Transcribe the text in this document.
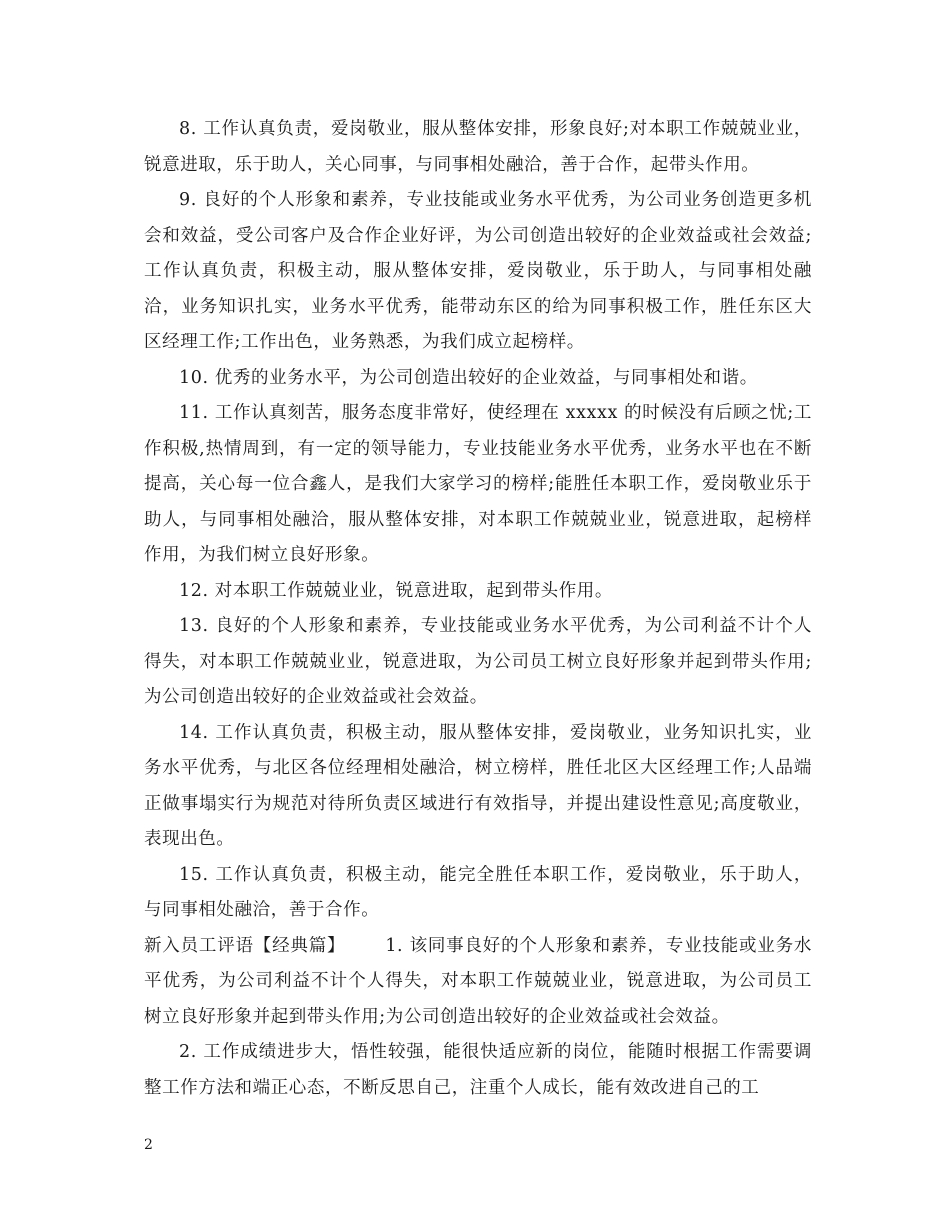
8. 工作认真负责，爱岗敬业，服从整体安排，形象良好;对本职工作兢兢业业，锐意进取，乐于助人，关心同事，与同事相处融洽，善于合作，起带头作用。

9. 良好的个人形象和素养，专业技能或业务水平优秀，为公司业务创造更多机会和效益，受公司客户及合作企业好评，为公司创造出较好的企业效益或社会效益;工作认真负责，积极主动，服从整体安排，爱岗敬业，乐于助人，与同事相处融洽，业务知识扎实，业务水平优秀，能带动东区的给为同事积极工作，胜任东区大区经理工作;工作出色，业务熟悉，为我们成立起榜样。

10. 优秀的业务水平，为公司创造出较好的企业效益，与同事相处和谐。

11. 工作认真刻苦，服务态度非常好，使经理在 xxxxx 的时候没有后顾之忧;工作积极,热情周到，有一定的领导能力，专业技能业务水平优秀，业务水平也在不断提高，关心每一位合鑫人，是我们大家学习的榜样;能胜任本职工作，爱岗敬业乐于助人，与同事相处融洽，服从整体安排，对本职工作兢兢业业，锐意进取，起榜样作用，为我们树立良好形象。

12. 对本职工作兢兢业业，锐意进取，起到带头作用。

13. 良好的个人形象和素养，专业技能或业务水平优秀，为公司利益不计个人得失，对本职工作兢兢业业，锐意进取，为公司员工树立良好形象并起到带头作用;为公司创造出较好的企业效益或社会效益。

14. 工作认真负责，积极主动，服从整体安排，爱岗敬业，业务知识扎实，业务水平优秀，与北区各位经理相处融洽，树立榜样，胜任北区大区经理工作;人品端正做事塌实行为规范对待所负责区域进行有效指导，并提出建设性意见;高度敬业，表现出色。

15. 工作认真负责，积极主动，能完全胜任本职工作，爱岗敬业，乐于助人，与同事相处融洽，善于合作。

新入员工评语【经典篇】 1. 该同事良好的个人形象和素养，专业技能或业务水平优秀，为公司利益不计个人得失，对本职工作兢兢业业，锐意进取，为公司员工树立良好形象并起到带头作用;为公司创造出较好的企业效益或社会效益。

2. 工作成绩进步大，悟性较强，能很快适应新的岗位，能随时根据工作需要调整工作方法和端正心态，不断反思自己，注重个人成长，能有效改进自己的工

2
